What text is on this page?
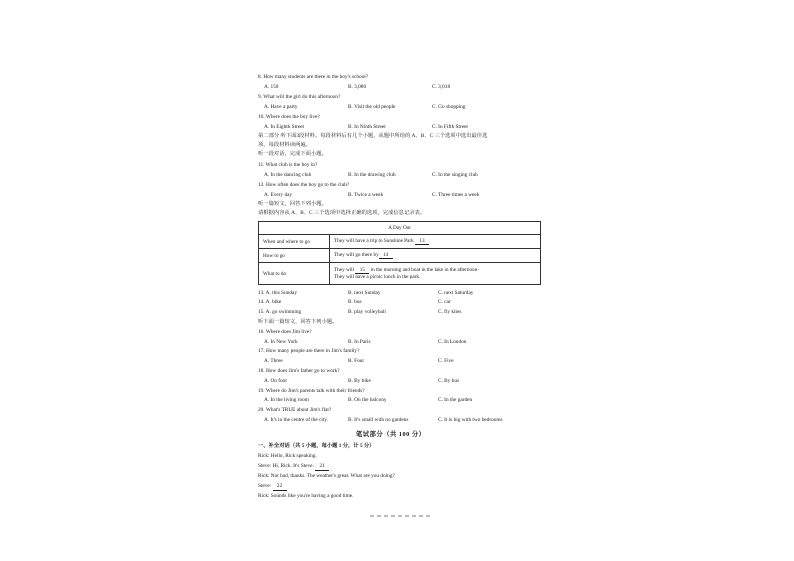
8. How many students are there in the boy's school?
A. 150	B. 3,080	C. 3,018
9. What will the girl do this afternoon?
A. Have a party	B. Visit the old people	C. Go shopping
10. Where does the boy live?
A. In Eighth Street	B. In Ninth Street	C. In Fifth Street
第二部分 听下面3段材料。每段材料后有几个小题，从题中所给的 A、B、C 三个选项中选出最佳选
项，每段材料读两遍。
听一段对话，完成下面小题。
11. What club is the boy in?
A. In the dancing club	B. In the drawing club	C. In the singing club
12. How often does the boy go to the club?
A. Every day	B. Twice a week	C. Three times a week
听一篇短文，回答下列小题。
请根据内容从 A、B、C 三个选项中选择正确的选项，完成信息记录表。
A Day Out	
When and where to go	They will have a trip to Sunshine Park 13
How to go	They will go there by 14
What to do	They will 15 in the morning and boat in the lake in the afternoon·
They will have a picnic lunch in the park.
13. A. this Sunday	B. next Sunday	C. next Saturday
14. A. bike	B. bus	C. car
15. A. go swimming	B. play volleyball	C. fly kites
听下面一篇短文，回答下列小题。
16. Where does Jim live?
A. In New York	B. In Paris	C. In London
17. How many people are there in Jim's family?
A. Three	B. Four	C. Five
18. How does Jim's father go to work?
A. On foot	B. By bike	C. By bus
19. Where do Jim's parents talk with their friends?
A. In the living room	B. On the balcony	C. In the garden
20. What's TRUE about Jim's flat?
A. It's in the centre of the city.	B. It's small with no gardens	C. It is big with two bedrooms
笔试部分（共 100 分）
一、补全对话（共 5 小题，每小题 1 分，计 5 分）
Rick: Hello, Rick speaking.
Steve: Hi, Rick. It's Steve. 21
Rick: Not bad, thanks. The weather's great. What are you doing?
Steve: 22
Rick: Sounds like you're having a good time.
